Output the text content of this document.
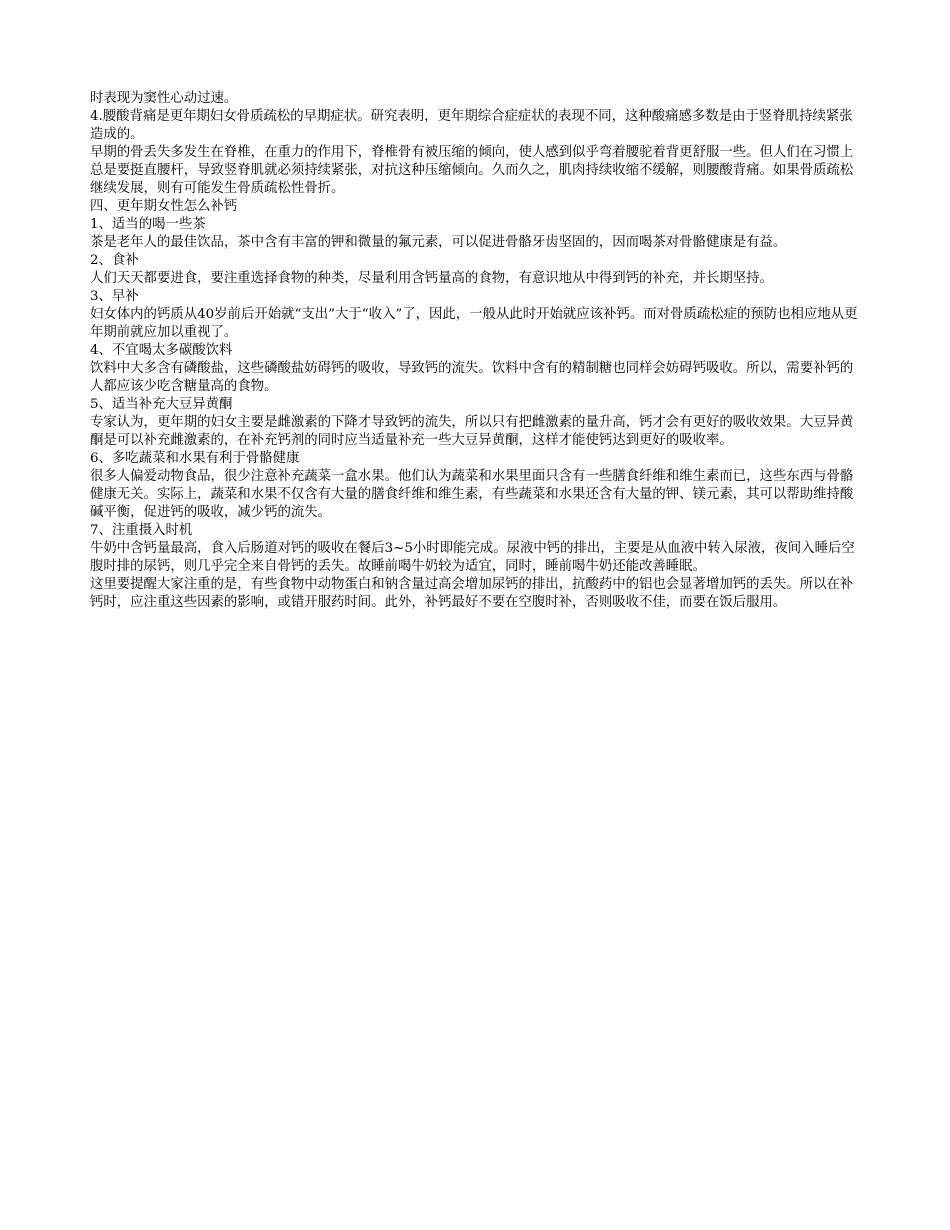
时表现为窦性心动过速。

4.腰酸背痛是更年期妇女骨质疏松的早期症状。研究表明，更年期综合症症状的表现不同，这种酸痛感多数是由于竖脊肌持续紧张造成的。

早期的骨丢失多发生在脊椎，在重力的作用下，脊椎骨有被压缩的倾向，使人感到似乎弯着腰驼着背更舒服一些。但人们在习惯上总是要挺直腰杆，导致竖脊肌就必须持续紧张，对抗这种压缩倾向。久而久之，肌肉持续收缩不缓解，则腰酸背痛。如果骨质疏松继续发展，则有可能发生骨质疏松性骨折。

四、更年期女性怎么补钙

1、适当的喝一些茶

茶是老年人的最佳饮品，茶中含有丰富的钾和微量的氟元素，可以促进骨骼牙齿坚固的，因而喝茶对骨骼健康是有益。

2、食补

人们天天都要进食，要注重选择食物的种类，尽量利用含钙量高的食物，有意识地从中得到钙的补充，并长期坚持。

3、早补

妇女体内的钙质从40岁前后开始就“支出”大于“收入”了，因此，一般从此时开始就应该补钙。而对骨质疏松症的预防也相应地从更年期前就应加以重视了。

4、不宜喝太多碳酸饮料

饮料中大多含有磷酸盐，这些磷酸盐妨碍钙的吸收，导致钙的流失。饮料中含有的精制糖也同样会妨碍钙吸收。所以，需要补钙的人都应该少吃含糖量高的食物。

5、适当补充大豆异黄酮

专家认为，更年期的妇女主要是雌激素的下降才导致钙的流失，所以只有把雌激素的量升高，钙才会有更好的吸收效果。大豆异黄酮是可以补充雌激素的，在补充钙剂的同时应当适量补充一些大豆异黄酮，这样才能使钙达到更好的吸收率。

6、多吃蔬菜和水果有利于骨骼健康

很多人偏爱动物食品，很少注意补充蔬菜一盒水果。他们认为蔬菜和水果里面只含有一些膳食纤维和维生素而已，这些东西与骨骼健康无关。实际上，蔬菜和水果不仅含有大量的膳食纤维和维生素，有些蔬菜和水果还含有大量的钾、镁元素，其可以帮助维持酸碱平衡，促进钙的吸收，减少钙的流失。

7、注重摄入时机

牛奶中含钙量最高，食入后肠道对钙的吸收在餐后3~5小时即能完成。尿液中钙的排出，主要是从血液中转入尿液，夜间入睡后空腹时排的尿钙，则几乎完全来自骨钙的丢失。故睡前喝牛奶较为适宜，同时，睡前喝牛奶还能改善睡眠。

这里要提醒大家注重的是，有些食物中动物蛋白和钠含量过高会增加尿钙的排出，抗酸药中的铝也会显著增加钙的丢失。所以在补钙时，应注重这些因素的影响，或错开服药时间。此外，补钙最好不要在空腹时补，否则吸收不佳，而要在饭后服用。
